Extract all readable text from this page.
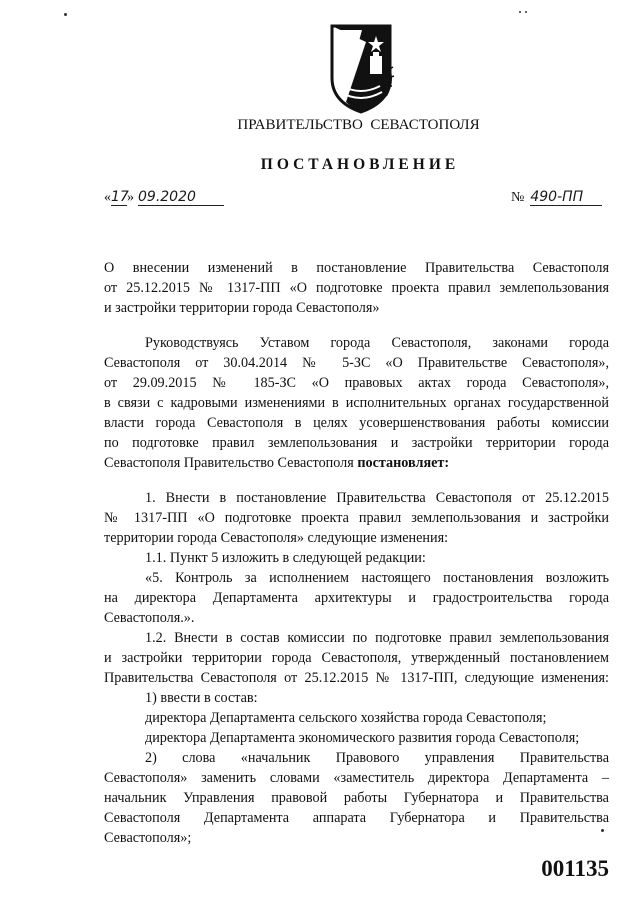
ПРАВИТЕЛЬСТВО  СЕВАСТОПОЛЯ
ПОСТАНОВЛЕНИЕ
«17» 09.2020	№ 490-ПП
О внесении изменений в постановление Правительства Севастополя
от 25.12.2015 № 1317-ПП «О подготовке проекта правил землепользования
и застройки территории города Севастополя»
Руководствуясь Уставом города Севастополя, законами города
Севастополя от 30.04.2014 № 5-ЗС «О Правительстве Севастополя»,
от 29.09.2015 № 185-ЗС «О правовых актах города Севастополя»,
в связи с кадровыми изменениями в исполнительных органах государственной
власти города Севастополя в целях усовершенствования работы комиссии
по подготовке правил землепользования и застройки территории города
Севастополя Правительство Севастополя постановляет:
1. Внести в постановление Правительства Севастополя от 25.12.2015
№ 1317-ПП «О подготовке проекта правил землепользования и застройки
территории города Севастополя» следующие изменения:
1.1. Пункт 5 изложить в следующей редакции:
«5. Контроль за исполнением настоящего постановления возложить
на директора Департамента архитектуры и градостроительства города
Севастополя.».
1.2. Внести в состав комиссии по подготовке правил землепользования
и застройки территории города Севастополя, утвержденный постановлением
Правительства Севастополя от 25.12.2015 № 1317-ПП, следующие изменения:
1) ввести в состав:
директора Департамента сельского хозяйства города Севастополя;
директора Департамента экономического развития города Севастополя;
2) слова «начальник Правового управления Правительства
Севастополя» заменить словами «заместитель директора Департамента –
начальник Управления правовой работы Губернатора и Правительства
Севастополя Департамента аппарата Губернатора и Правительства
Севастополя»;
001135
